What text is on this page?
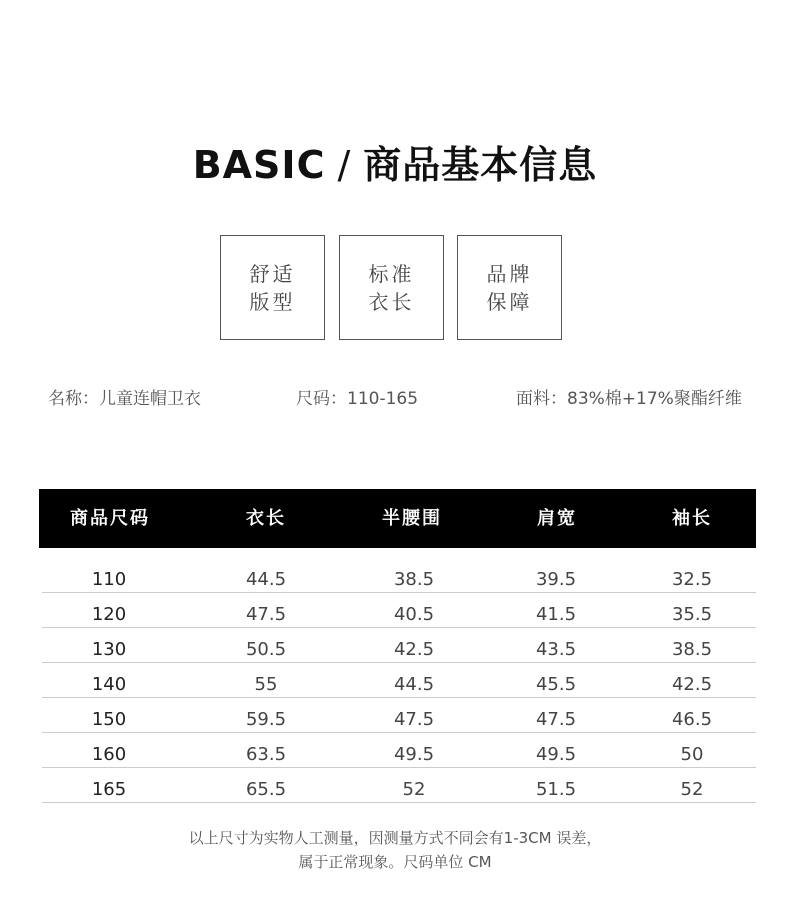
BASIC / 商品基本信息
舒适
版型
标准
衣长
品牌
保障
名称：儿童连帽卫衣	尺码：110-165	面料：83%棉+17%聚酯纤维
商品尺码	衣长	半腰围	肩宽	袖长
110	44.5	38.5	39.5	32.5
120	47.5	40.5	41.5	35.5
130	50.5	42.5	43.5	38.5
140	55	44.5	45.5	42.5
150	59.5	47.5	47.5	46.5
160	63.5	49.5	49.5	50
165	65.5	52	51.5	52
以上尺寸为实物人工测量，因测量方式不同会有1-3CM 误差，
属于正常现象。尺码单位 CM
